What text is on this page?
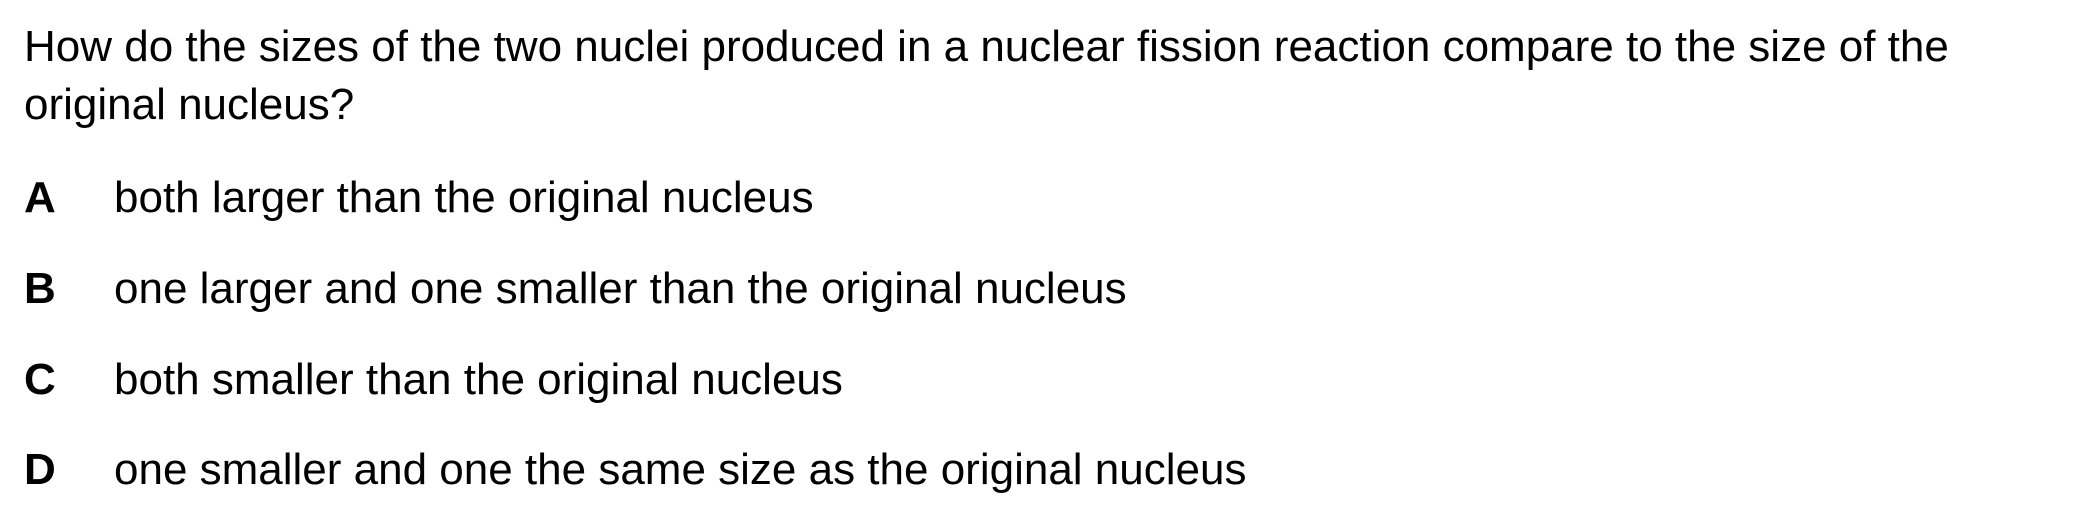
How do the sizes of the two nuclei produced in a nuclear fission reaction compare to the size of the original nucleus?

A	both larger than the original nucleus
B	one larger and one smaller than the original nucleus
C	both smaller than the original nucleus
D	one smaller and one the same size as the original nucleus
